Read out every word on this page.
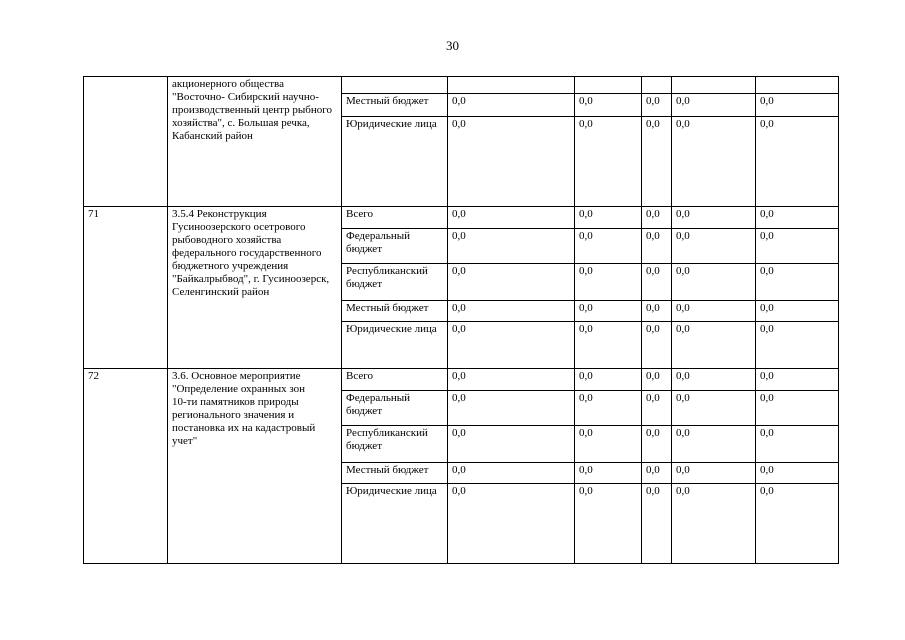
30
	акционерного общества "Восточно- Сибирский научно-производственный центр рыбного хозяйства", с. Большая речка, Кабанский район						
		Местный бюджет	0,0	0,0	0,0	0,0	0,0
		Юридические лица	0,0	0,0	0,0	0,0	0,0
71	3.5.4 Реконструкция Гусиноозерского осетрового рыбоводного хозяйства федерального государственного бюджетного учреждения "Байкалрыбвод", г. Гусиноозерск, Селенгинский район	Всего	0,0	0,0	0,0	0,0	0,0
		Федеральный бюджет	0,0	0,0	0,0	0,0	0,0
		Республиканский бюджет	0,0	0,0	0,0	0,0	0,0
		Местный бюджет	0,0	0,0	0,0	0,0	0,0
		Юридические лица	0,0	0,0	0,0	0,0	0,0
72	3.6. Основное мероприятие "Определение охранных зон
10-ти памятников природы регионального значения и постановка их на кадастровый учет"	Всего	0,0	0,0	0,0	0,0	0,0
		Федеральный бюджет	0,0	0,0	0,0	0,0	0,0
		Республиканский бюджет	0,0	0,0	0,0	0,0	0,0
		Местный бюджет	0,0	0,0	0,0	0,0	0,0
		Юридические лица	0,0	0,0	0,0	0,0	0,0
